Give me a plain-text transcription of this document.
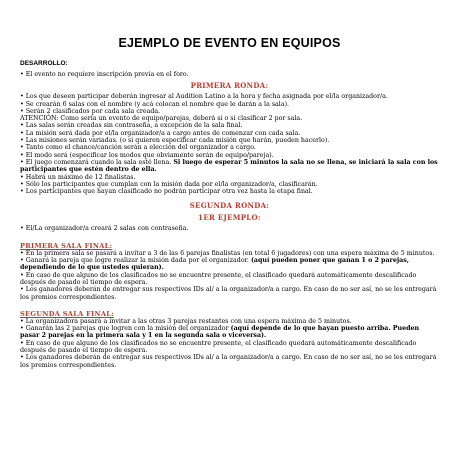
EJEMPLO DE EVENTO EN EQUIPOS
DESARROLLO:

• El evento no requiere inscripción previa en el foro.

PRIMERA RONDA:

• Los que deseen participar deberán ingresar al Audition Latino a la hora y fecha asignada por el/la organizador/a.

• Se crearán 6 salas con el nombre (y acá colocan el nombre que le darán a la sala).

• Serán 2 clasificados por cada sala creada.

ATENCIÓN: Como sería un evento de equipo/parejas, deberá si o si clasificar 2 por sala.

• Las salas serán creadas sin contraseña, a excepción de la sala final.

• La misión será dada por el/la organizador/a a cargo antes de comenzar con cada sala.

• Las misiones serán variadas. (o si quieren especificar cada misión que harán, pueden hacerlo).

• Tanto como el chance/canción serán a elección del organizador a cargo.

• El modo será (especificar los modos que obviamente serán de equipo/pareja).

• El juego comenzará cuando la sala esté llena. Si luego de esperar 5 minutos la sala no se llena, se iniciará la sala con los participantes que estén dentro de ella.

• Habrá un máximo de 12 finalistas.

• Sólo los participantes que cumplan con la misión dada por el/la organizador/a, clasificarán.

• Los participantes que hayan clasificado no podrán participar otra vez hasta la etapa final.

SEGUNDA RONDA:
1ER EJEMPLO:

• El/La organizador/a creará 2 salas con contraseña.

PRIMERA SALA FINAL:

• En la primera sala se pasará a invitar a 3 de las 6 parejas finalistas (en total 6 jugadores) con una espera máxima de 5 minutos.

• Ganará la pareja que logre realizar la misión dada por el organizador. (aquí pueden poner que ganan 1 o 2 parejas, dependiendo de lo que ustedes quieran).

• En caso de que alguno de los clasificados no se encuentre presente, el clasificado quedará automáticamente descalificado después de pasado el tiempo de espera.

• Los ganadores deberán de entregar sus respectivos IDs al/ a la organizador/a a cargo. En caso de no ser así, no se les entregará los premios correspondientes.

SEGUNDA SALA FINAL:

• La organizadora pasará a invitar a las otras 3 parejas restantes con una espera máxima de 5 minutos.

• Ganarán las 2 parejas que logren con la misión del organizador (aquí depende de lo que hayan puesto arriba. Pueden pasar 2 parejas en la primera sala y 1 en la segunda sala o viceversa).

• En caso de que alguno de los clasificados no se encuentre presente, el clasificado quedará automáticamente descalificado después de pasado el tiempo de espera.

• Los ganadores deberán de entregar sus respectivos IDs al/ a la organizador/a a cargo. En caso de no ser así, no se les entregará los premios correspondientes.
